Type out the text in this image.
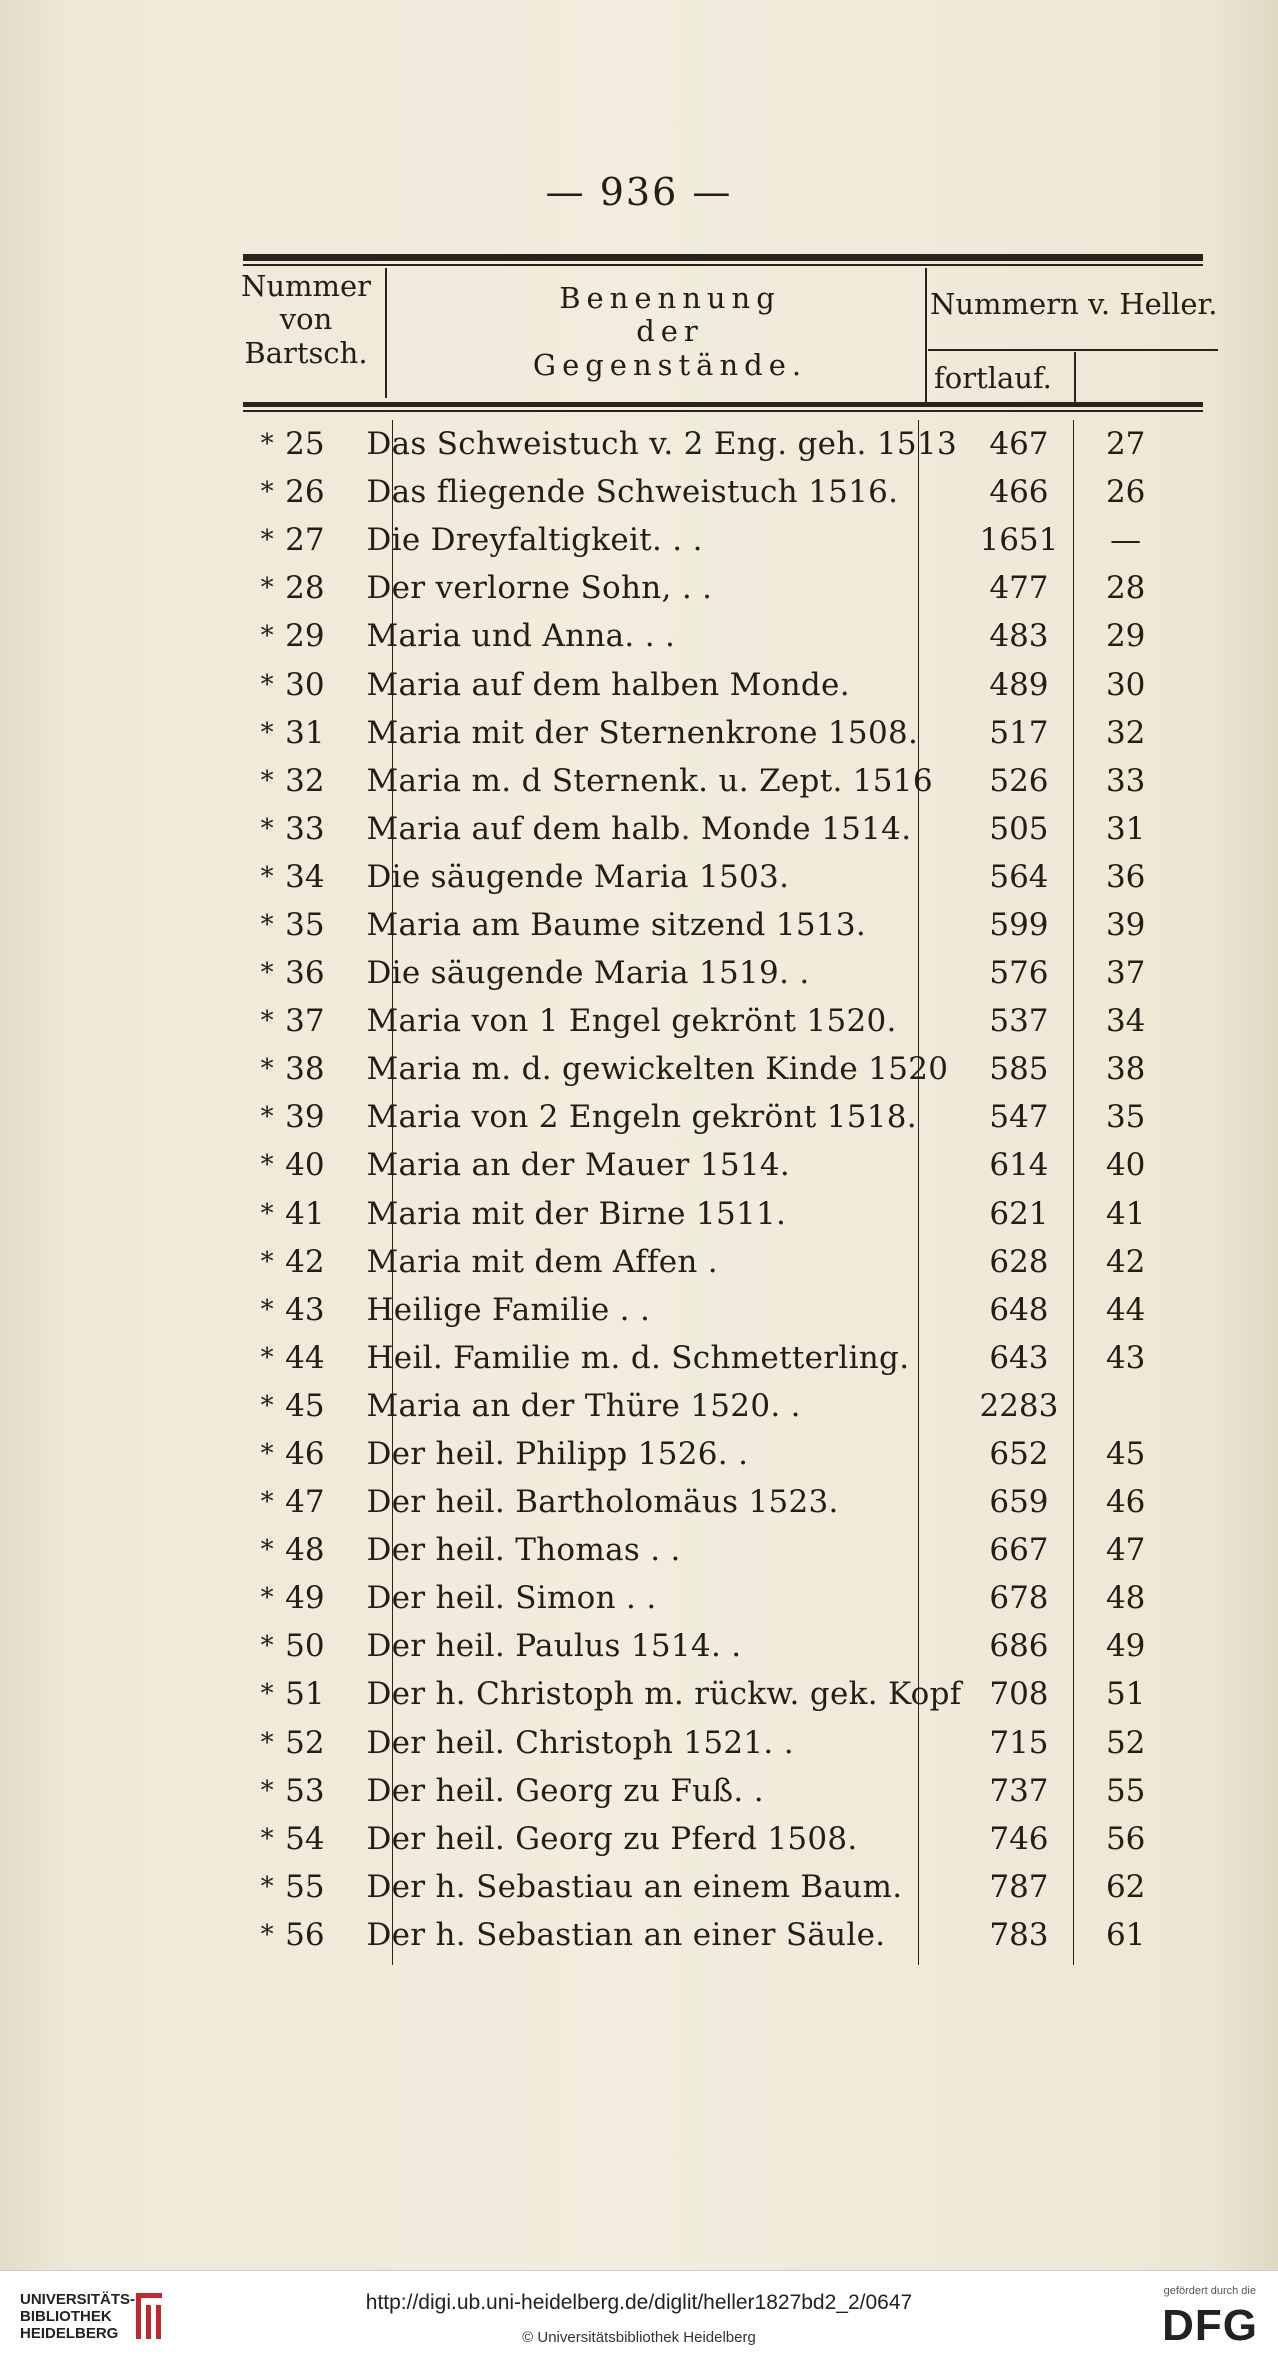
— 936 —
Nummer
von
Bartsch.
Benennung
der
Gegenstände.
Nummern v. Heller.
fortlauf.
*	25	Das Schweistuch v. 2 Eng. geh. 1513	467	27
*	26	Das fliegende Schweistuch 1516.	466	26
*	27	Die Dreyfaltigkeit. . .	1651	—
*	28	Der verlorne Sohn, . .	477	28
*	29	Maria und Anna. . .	483	29
*	30	Maria auf dem halben Monde.	489	30
*	31	Maria mit der Sternenkrone 1508.	517	32
*	32	Maria m. d Sternenk. u. Zept. 1516	526	33
*	33	Maria auf dem halb. Monde 1514.	505	31
*	34	Die säugende Maria 1503.	564	36
*	35	Maria am Baume sitzend 1513.	599	39
*	36	Die säugende Maria 1519. .	576	37
*	37	Maria von 1 Engel gekrönt 1520.	537	34
*	38	Maria m. d. gewickelten Kinde 1520	585	38
*	39	Maria von 2 Engeln gekrönt 1518.	547	35
*	40	Maria an der Mauer 1514.	614	40
*	41	Maria mit der Birne 1511.	621	41
*	42	Maria mit dem Affen .	628	42
*	43	Heilige Familie . .	648	44
*	44	Heil. Familie m. d. Schmetterling.	643	43
*	45	Maria an der Thüre 1520. .	2283	
*	46	Der heil. Philipp 1526. .	652	45
*	47	Der heil. Bartholomäus 1523.	659	46
*	48	Der heil. Thomas . .	667	47
*	49	Der heil. Simon . .	678	48
*	50	Der heil. Paulus 1514. .	686	49
*	51	Der h. Christoph m. rückw. gek. Kopf	708	51
*	52	Der heil. Christoph 1521. .	715	52
*	53	Der heil. Georg zu Fuß. .	737	55
*	54	Der heil. Georg zu Pferd 1508.	746	56
*	55	Der h. Sebastiau an einem Baum.	787	62
*	56	Der h. Sebastian an einer Säule.	783	61
UNIVERSITÄTS-
BIBLIOTHEK
HEIDELBERG
http://digi.ub.uni-heidelberg.de/diglit/heller1827bd2_2/0647
© Universitätsbibliothek Heidelberg
gefördert durch die
DFG
